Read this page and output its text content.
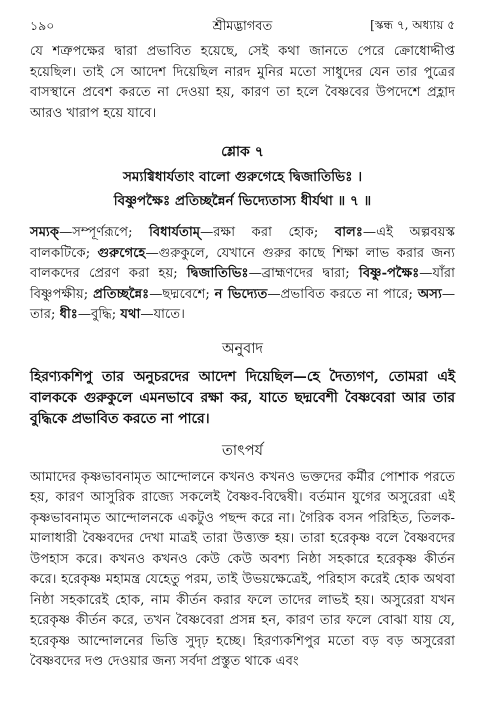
১৯০	শ্রীমদ্ভাগবত	[স্কন্ধ ৭, অধ্যায় ৫

যে শত্রুপক্ষের দ্বারা প্রভাবিত হয়েছে, সেই কথা জানতে পেরে ক্রোধোদ্দীপ্ত হয়েছিল। তাই সে আদেশ দিয়েছিল নারদ মুনির মতো সাধুদের যেন তার পুত্রের বাসস্থানে প্রবেশ করতে না দেওয়া হয়, কারণ তা হলে বৈষ্ণবের উপদেশে প্রহ্লাদ আরও খারাপ হয়ে যাবে।

শ্লোক ৭
সম্যগ্বিধার্যতাং বালো গুরুগেহে দ্বিজাতিভিঃ ।
বিষ্ণুপক্ষৈঃ প্রতিচ্ছন্নৈর্ন ভিদ্যেতাস্য ধীর্যথা ॥ ৭ ॥

সম্যক্—সম্পূর্ণরূপে; বিধার্যতাম্—রক্ষা করা হোক; বালঃ—এই অল্পবয়স্ক বালকটিকে; গুরুগেহে—গুরুকুলে, যেখানে গুরুর কাছে শিক্ষা লাভ করার জন্য বালকদের প্রেরণ করা হয়; দ্বিজাতিভিঃ—ব্রাহ্মণদের দ্বারা; বিষ্ণু-পক্ষৈঃ—যাঁরা বিষ্ণুপক্ষীয়; প্রতিচ্ছন্নৈঃ—ছদ্মবেশে; ন ভিদ্যেত—প্রভাবিত করতে না পারে; অস্য—তার; ধীঃ—বুদ্ধি; যথা—যাতে।

অনুবাদ

হিরণ্যকশিপু তার অনুচরদের আদেশ দিয়েছিল—হে দৈত্যগণ, তোমরা এই বালককে গুরুকুলে এমনভাবে রক্ষা কর, যাতে ছদ্মবেশী বৈষ্ণবেরা আর তার বুদ্ধিকে প্রভাবিত করতে না পারে।

তাৎপর্য

আমাদের কৃষ্ণভাবনামৃত আন্দোলনে কখনও কখনও ভক্তদের কর্মীর পোশাক পরতে হয়, কারণ আসুরিক রাজ্যে সকলেই বৈষ্ণব-বিদ্বেষী। বর্তমান যুগের অসুরেরা এই কৃষ্ণভাবনামৃত আন্দোলনকে একটুও পছন্দ করে না। গৈরিক বসন পরিহিত, তিলক-মালাধারী বৈষ্ণবদের দেখা মাত্রই তারা উত্ত্যক্ত হয়। তারা হরেকৃষ্ণ বলে বৈষ্ণবদের উপহাস করে। কখনও কখনও কেউ কেউ অবশ্য নিষ্ঠা সহকারে হরেকৃষ্ণ কীর্তন করে। হরেকৃষ্ণ মহামন্ত্র যেহেতু পরম, তাই উভয়ক্ষেত্রেই, পরিহাস করেই হোক অথবা নিষ্ঠা সহকারেই হোক, নাম কীর্তন করার ফলে তাদের লাভই হয়। অসুরেরা যখন হরেকৃষ্ণ কীর্তন করে, তখন বৈষ্ণবেরা প্রসন্ন হন, কারণ তার ফলে বোঝা যায় যে, হরেকৃষ্ণ আন্দোলনের ভিত্তি সুদৃঢ় হচ্ছে। হিরণ্যকশিপুর মতো বড় বড় অসুরেরা বৈষ্ণবদের দণ্ড দেওয়ার জন্য সর্বদা প্রস্তুত থাকে এবং
